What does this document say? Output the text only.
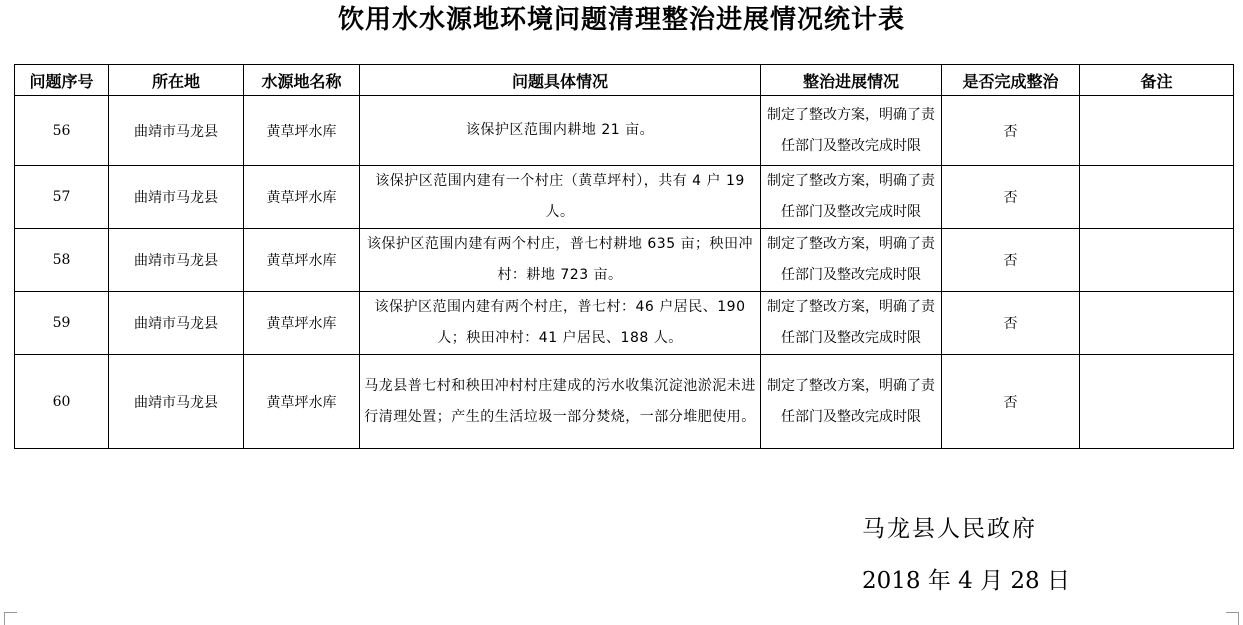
饮用水水源地环境问题清理整治进展情况统计表
问题序号	所在地	水源地名称	问题具体情况	整治进展情况	是否完成整治	备注
56	曲靖市马龙县	黄草坪水库	该保护区范围内耕地 21 亩。	制定了整改方案，明确了责任部门及整改完成时限	否	
57	曲靖市马龙县	黄草坪水库	该保护区范围内建有一个村庄（黄草坪村），共有 4 户 19 人。	制定了整改方案，明确了责任部门及整改完成时限	否	
58	曲靖市马龙县	黄草坪水库	该保护区范围内建有两个村庄，普七村耕地 635 亩；秧田冲村：耕地 723 亩。	制定了整改方案，明确了责任部门及整改完成时限	否	
59	曲靖市马龙县	黄草坪水库	该保护区范围内建有两个村庄，普七村：46 户居民、190 人；秧田冲村：41 户居民、188 人。	制定了整改方案，明确了责任部门及整改完成时限	否	
60	曲靖市马龙县	黄草坪水库	马龙县普七村和秧田冲村村庄建成的污水收集沉淀池淤泥未进行清理处置；产生的生活垃圾一部分焚烧，一部分堆肥使用。	制定了整改方案，明确了责任部门及整改完成时限	否	
马龙县人民政府
2018 年 4 月 28 日
